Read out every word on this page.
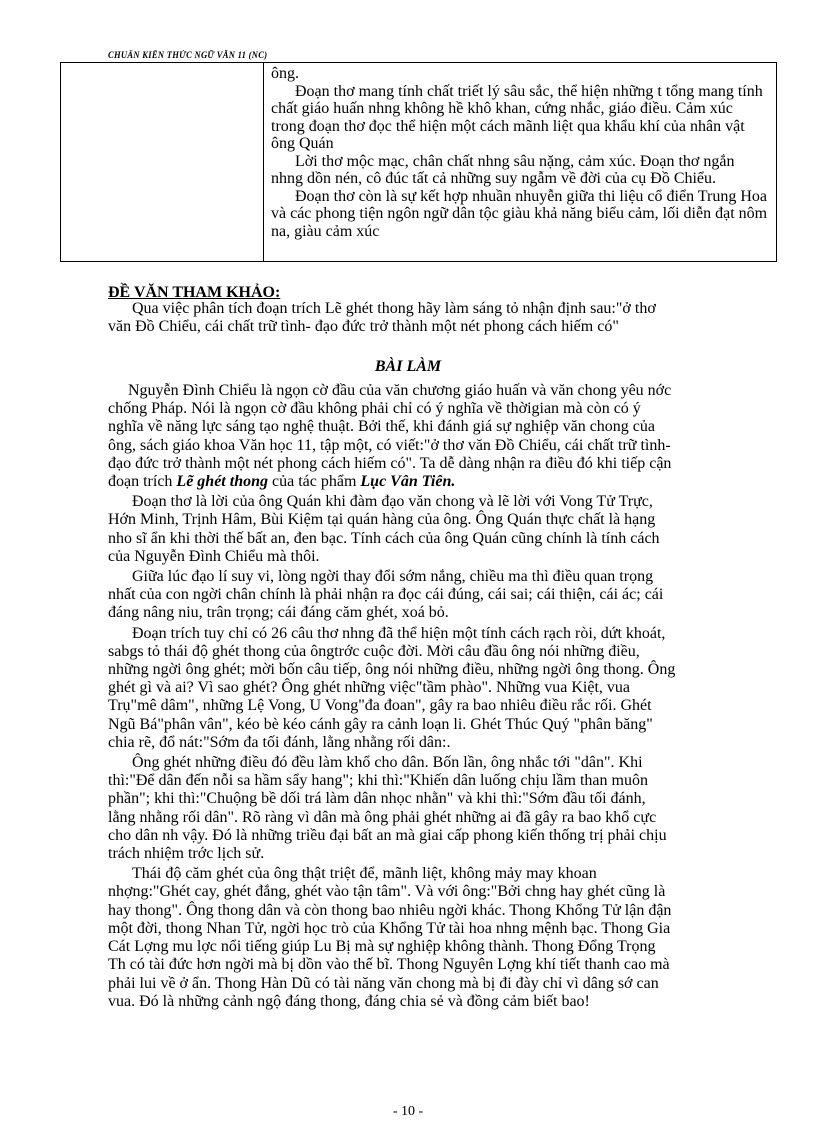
CHUẨN KIẾN THỨC NGỮ VĂN 11 (NC)

ông.

Đoạn thơ mang tính chất triết lý sâu sắc, thể hiện những t tổng mang tính chất giáo huấn nhng không hề khô khan, cứng nhắc, giáo điều. Cảm xúc trong đoạn thơ đọc thể hiện một cách mãnh liệt qua khẩu khí của nhân vật ông Quán

Lời thơ mộc mạc, chân chất nhng sâu nặng, cảm xúc. Đoạn thơ ngắn nhng dồn nén, cô đúc tất cả những suy ngẫm về đời của cụ Đồ Chiểu.

Đoạn thơ còn là sự kết hợp nhuần nhuyễn giữa thi liệu cổ điển Trung Hoa và các phong tiện ngôn ngữ dân tộc giàu khả năng biểu cảm, lối diễn đạt nôm na, giàu cảm xúc

ĐỀ VĂN THAM KHẢO:

Qua việc phân tích đoạn trích Lẽ ghét thong hãy làm sáng tỏ nhận định sau:"ở thơ văn Đồ Chiểu, cái chất trữ tình- đạo đức trở thành một nét phong cách hiếm có"

BÀI LÀM

Nguyễn Đình Chiểu là ngọn cờ đầu của văn chương giáo huấn và văn chong yêu nớc chống Pháp. Nói là ngọn cờ đầu không phải chỉ có ý nghĩa về thờigian mà còn có ý nghĩa về năng lực sáng tạo nghệ thuật. Bởi thế, khi đánh giá sự nghiệp văn chong của ông, sách giáo khoa Văn học 11, tập một, có viết:"ở thơ văn Đồ Chiểu, cái chất trữ tình- đạo đức trở thành một nét phong cách hiếm có". Ta dễ dàng nhận ra điều đó khi tiếp cận đoạn trích Lẽ ghét thong của tác phẩm Lục Vân Tiên.

Đoạn thơ là lời của ông Quán khi đàm đạo văn chong và lẽ lời với Vong Tử Trực, Hớn Minh, Trịnh Hâm, Bùi Kiệm tại quán hàng của ông. Ông Quán thực chất là hạng nho sĩ ẩn khi thời thế bất an, đen bạc. Tính cách của ông Quán cũng chính là tính cách của Nguyễn Đình Chiểu mà thôi.

Giữa lúc đạo lí suy vi, lòng ngời thay đổi sớm nắng, chiều ma thì điều quan trọng nhất của con ngời chân chính là phải nhận ra đọc cái đúng, cái sai; cái thiện, cái ác; cái đáng nâng niu, trân trọng; cái đáng căm ghét, xoá bỏ.

Đoạn trích tuy chỉ có 26 câu thơ nhng đã thể hiện một tính cách rạch ròi, dứt khoát, sabgs tỏ thái độ ghét thong của ôngtrớc cuộc đời. Mời câu đầu ông nói những điều, những ngời ông ghét; mời bốn câu tiếp, ông nói những điều, những ngời ông thong. Ông ghét gì và ai? Vì sao ghét? Ông ghét những việc"tầm phào". Những vua Kiệt, vua Trụ"mê dâm", những Lệ Vong, U Vong"đa đoan", gây ra bao nhiêu điều rắc rối. Ghét Ngũ Bá"phân vân", kéo bè kéo cánh gây ra cảnh loạn li. Ghét Thúc Quý "phân băng" chia rẽ, đổ nát:"Sớm đa tối đánh, lằng nhằng rối dân:.

Ông ghét những điều đó đều làm khổ cho dân. Bốn lần, ông nhắc tới "dân". Khi thì:"Để dân đến nỗi sa hầm sẩy hang"; khi thì:"Khiến dân luống chịu lầm than muôn phần"; khi thì:"Chuộng bề dối trá làm dân nhọc nhằn" và khi thì:"Sớm đầu tối đánh, lằng nhằng rối dân". Rõ ràng vì dân mà ông phải ghét những ai đã gây ra bao khổ cực cho dân nh vậy. Đó là những triều đại bất an mà giai cấp phong kiến thống trị phải chịu trách nhiệm trớc lịch sử.

Thái độ căm ghét của ông thật triệt để, mãnh liệt, không mảy may khoan nhợng:"Ghét cay, ghét đắng, ghét vào tận tâm". Và với ông:"Bởi chng hay ghét cũng là hay thong". Ông thong dân và còn thong bao nhiêu ngời khác. Thong Khổng Tử lận đận một đời, thong Nhan Tử, ngời học trò của Khổng Tử tài hoa nhng mệnh bạc. Thong Gia Cát Lợng mu lợc nổi tiếng giúp Lu Bị mà sự nghiệp không thành. Thong Đổng Trọng Th có tài đức hơn ngời mà bị dồn vào thế bĩ. Thong Nguyên Lợng khí tiết thanh cao mà phải lui về ở ẩn. Thong Hàn Dũ có tài năng văn chong mà bị đi đày chỉ vì dâng sớ can vua. Đó là những cảnh ngộ đáng thong, đáng chia sẻ và đồng cảm biết bao!

- 10 -
